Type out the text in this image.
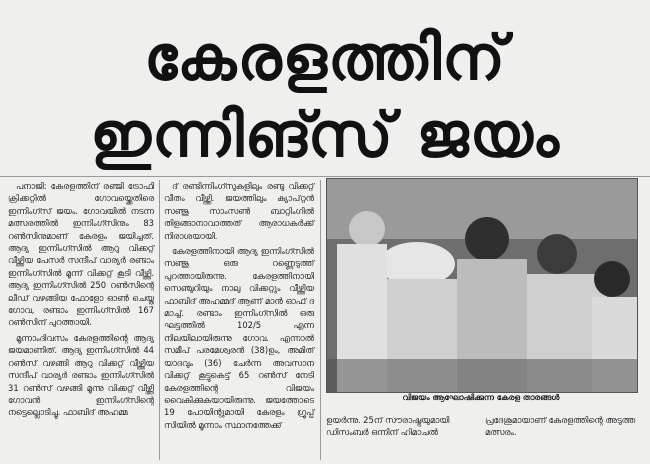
കേരളത്തിന്
ഇന്നിങ്സ് ജയം

പനാജി: കേരളത്തിന് രഞ്ജി ട്രോഫി ക്രിക്കറ്റിൽ ഗോവയ്ക്കെതിരെ ഇന്നിംഗ്സ് ജയം. ഗോവയിൽ നടന്ന മത്സരത്തിൽ ഇന്നിംഗ്സിനും 83 റൺസിനുമാണ് കേരളം ജയിച്ചത്. ആദ്യ ഇന്നിംഗ്സിൽ ആറു വിക്കറ്റ് വീഴ്ത്തിയ പേസർ സന്ദീപ് വാര്യർ രണ്ടാം ഇന്നിംഗ്സിൽ മൂന്ന് വിക്കറ്റ് കൂടി വീഴ്ത്തി. ആദ്യ ഇന്നിംഗ്സിൽ 250 റൺസിന്റെ ലീഡ് വഴങ്ങിയ ഫോളോ ഓൺ ചെയ്ത ഗോവ, രണ്ടാം ഇന്നിംഗ്സിൽ 167 റൺസിന് പുറത്തായി.

മൂന്നാംദിവസം കേരളത്തിന്റെ ആദ്യ ജയമാണിത്. ആദ്യ ഇന്നിംഗ്സിൽ 44 റൺസ് വഴങ്ങി ആറു വിക്കറ്റ് വീഴ്ത്തിയ സന്ദീപ് വാര്യർ രണ്ടാം ഇന്നിംഗ്സിൽ 31 റൺസ് വഴങ്ങി മൂന്നു വിക്കറ്റ് വീഴ്ത്തി ഗോവൻ ഇന്നിംഗ്സിന്റെ നട്ടെല്ലൊടിച്ചു. ഫാബിദ് അഹമ്മ

ദ് രണ്ടിന്നിംഗ്സുകളിലും രണ്ടു വിക്കറ്റ് വീതം വീഴ്ത്തി. ജയത്തിലും ക്യാപ്റ്റൻ സഞ്ജു സാംസൺ ബാറ്റിംഗിൽ തിളങ്ങാനാവാത്തത് ആരാധകർക്ക് നിരാശയായി.

കേരളത്തിനായി ആദ്യ ഇന്നിംഗ്സിൽ സഞ്ജു ഒരു റണ്ണെടുത്ത് പുറത്തായിരുന്നു. കേരളത്തിനായി സെഞ്ചുറിയും നാലു വിക്കറ്റും വീഴ്ത്തിയ ഫാബിദ് അഹമ്മദ് ആണ് മാൻ ഓഫ് ദ മാച്ച്. രണ്ടാം ഇന്നിംഗ്സിൽ ഒരു ഘട്ടത്തിൽ 102/5 എന്ന നിലയിലായിരുന്നു ഗോവ. എന്നാൽ സമീപ് പരമേശ്വരൻ (38)ഉം, അമിത് യാദവും (36) ചേർന്ന അവസാന വിക്കറ്റ് കൂട്ടുകെട്ട് 65 റൺസ് നേടി കേരളത്തിന്റെ വിജയം വൈകിക്കുകയായിരുന്നു. ജയത്തോടെ 19 പോയിന്റുമായി കേരളം ഗ്രൂപ്പ് സിയിൽ മൂന്നാം സ്ഥാനത്തേക്ക്

വിജയം ആഘോഷിക്കുന്ന കേരള താരങ്ങൾ
ഉയർന്നു. 25ന് സൗരാഷ്ട്രയുമായി ഡിസംബർ ഒന്നിന് ഹിമാചൽ
പ്രദേശുമായാണ് കേരളത്തിന്റെ അടുത്ത മത്സരം.
